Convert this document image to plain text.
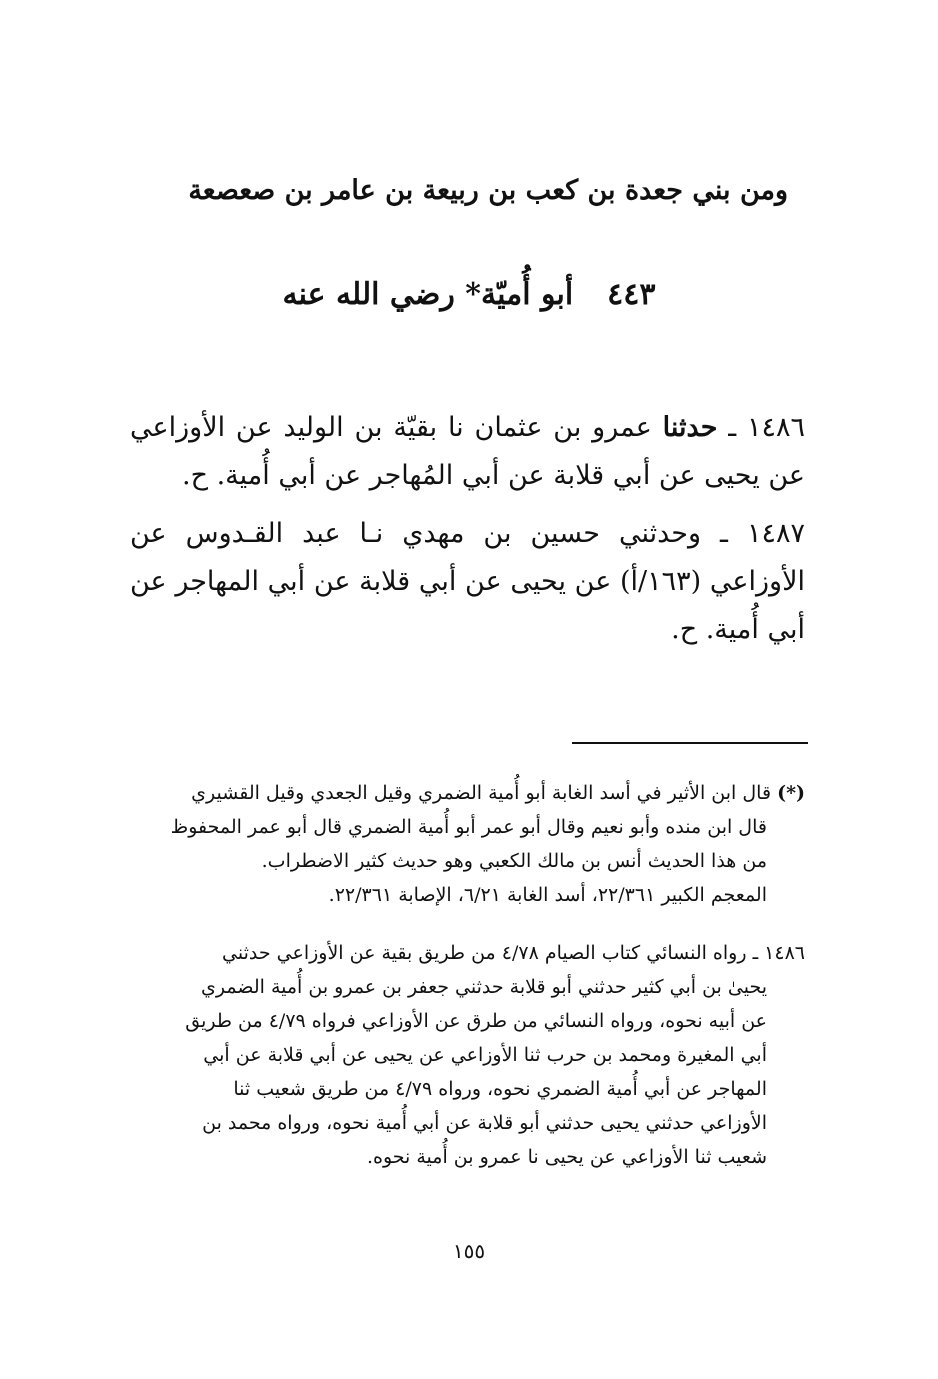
ومن بني جعدة بن كعب بن ربيعة بن عامر بن صعصعة
٤٤٣أبو أُميّة* رضي الله عنه
١٤٨٦ ـ حدثنا عمرو بن عثمان نا بقيّة بن الوليد عن الأوزاعي عن يحيى عن أبي قلابة عن أبي المُهاجر عن أبي أُمية. ح.
١٤٨٧ ـ وحدثني حسين بن مهدي نـا عبد القـدوس عن الأوزاعي (١٦٣/أ) عن يحيى عن أبي قلابة عن أبي المهاجر عن أبي أُمية. ح.

(*) قال ابن الأثير في أسد الغابة أبو أُمية الضمري وقيل الجعدي وقيل القشيري

قال ابن منده وأبو نعيم وقال أبو عمر أبو أُمية الضمري قال أبو عمر المحفوظ

من هذا الحديث أنس بن مالك الكعبي وهو حديث كثير الاضطراب.

المعجم الكبير ٢٢/٣٦١، أسد الغابة ٦/٢١، الإصابة ٢٢/٣٦١.

١٤٨٦ ـ رواه النسائي كتاب الصيام ٤/٧٨ من طريق بقية عن الأوزاعي حدثني

يحيىٰ بن أبي كثير حدثني أبو قلابة حدثني جعفر بن عمرو بن أُمية الضمري

عن أبيه نحوه، ورواه النسائي من طرق عن الأوزاعي فرواه ٤/٧٩ من طريق

أبي المغيرة ومحمد بن حرب ثنا الأوزاعي عن يحيى عن أبي قلابة عن أبي

المهاجر عن أبي أُمية الضمري نحوه، ورواه ٤/٧٩ من طريق شعيب ثنا

الأوزاعي حدثني يحيى حدثني أبو قلابة عن أبي أُمية نحوه، ورواه محمد بن

شعيب ثنا الأوزاعي عن يحيى نا عمرو بن أُمية نحوه.

١٥٥
